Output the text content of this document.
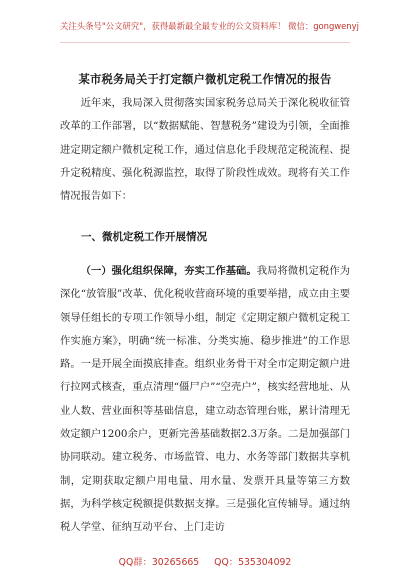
关注头条号"公文研究"，获得最新最全最专业的公文资料库！ 微信：gongwenyj
某市税务局关于打定额户微机定税工作情况的报告

近年来，我局深入贯彻落实国家税务总局关于深化税收征管改革的工作部署，以“数据赋能、智慧税务”建设为引领，全面推进定期定额户微机定税工作，通过信息化手段规范定税流程、提升定税精度、强化税源监控，取得了阶段性成效。现将有关工作情况报告如下：

一、微机定税工作开展情况

（一）强化组织保障，夯实工作基础。我局将微机定税作为深化“放管服”改革、优化税收营商环境的重要举措，成立由主要领导任组长的专项工作领导小组，制定《定期定额户微机定税工作实施方案》，明确“统一标准、分类实施、稳步推进”的工作思路。一是开展全面摸底排查。组织业务骨干对全市定期定额户进行拉网式核查，重点清理“僵尸户”“空壳户”，核实经营地址、从业人数、营业面积等基础信息，建立动态管理台账，累计清理无效定额户1200余户，更新完善基础数据2.3万条。二是加强部门协同联动。建立税务、市场监管、电力、水务等部门数据共享机制，定期获取定额户用电量、用水量、发票开具量等第三方数据，为科学核定税额提供数据支撑。三是强化宣传辅导。通过纳税人学堂、征纳互动平台、上门走访

QQ群：30265665 QQ：535304092
